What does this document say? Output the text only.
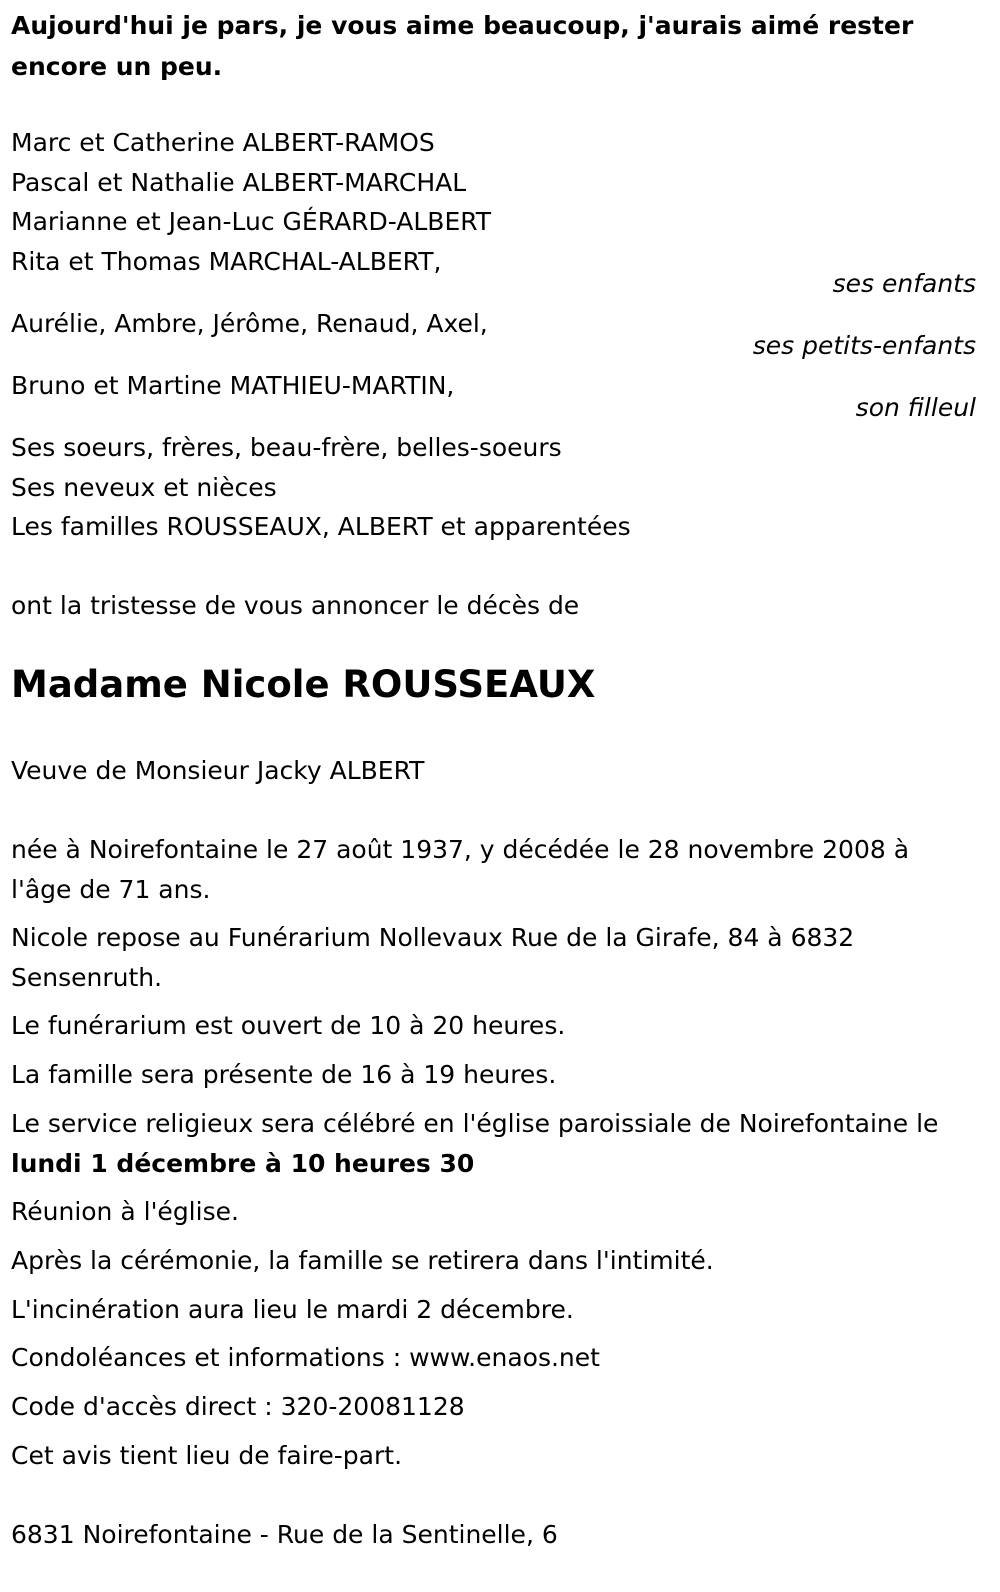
Aujourd'hui je pars, je vous aime beaucoup, j'aurais aimé rester encore un peu.
Marc et Catherine ALBERT-RAMOS
Pascal et Nathalie ALBERT-MARCHAL
Marianne et Jean-Luc GÉRARD-ALBERT
Rita et Thomas MARCHAL-ALBERT,
ses enfants
Aurélie, Ambre, Jérôme, Renaud, Axel,
ses petits-enfants
Bruno et Martine MATHIEU-MARTIN,
son filleul
Ses soeurs, frères, beau-frère, belles-soeurs
Ses neveux et nièces
Les familles ROUSSEAUX, ALBERT et apparentées
ont la tristesse de vous annoncer le décès de
Madame Nicole ROUSSEAUX
Veuve de Monsieur Jacky ALBERT
née à Noirefontaine le 27 août 1937, y décédée le 28 novembre 2008 à l'âge de 71 ans.
Nicole repose au Funérarium Nollevaux Rue de la Girafe, 84 à 6832 Sensenruth.
Le funérarium est ouvert de 10 à 20 heures.
La famille sera présente de 16 à 19 heures.
Le service religieux sera célébré en l'église paroissiale de Noirefontaine le
lundi 1 décembre à 10 heures 30
Réunion à l'église.
Après la cérémonie, la famille se retirera dans l'intimité.
L'incinération aura lieu le mardi 2 décembre.
Condoléances et informations : www.enaos.net
Code d'accès direct : 320-20081128
Cet avis tient lieu de faire-part.
6831 Noirefontaine - Rue de la Sentinelle, 6
